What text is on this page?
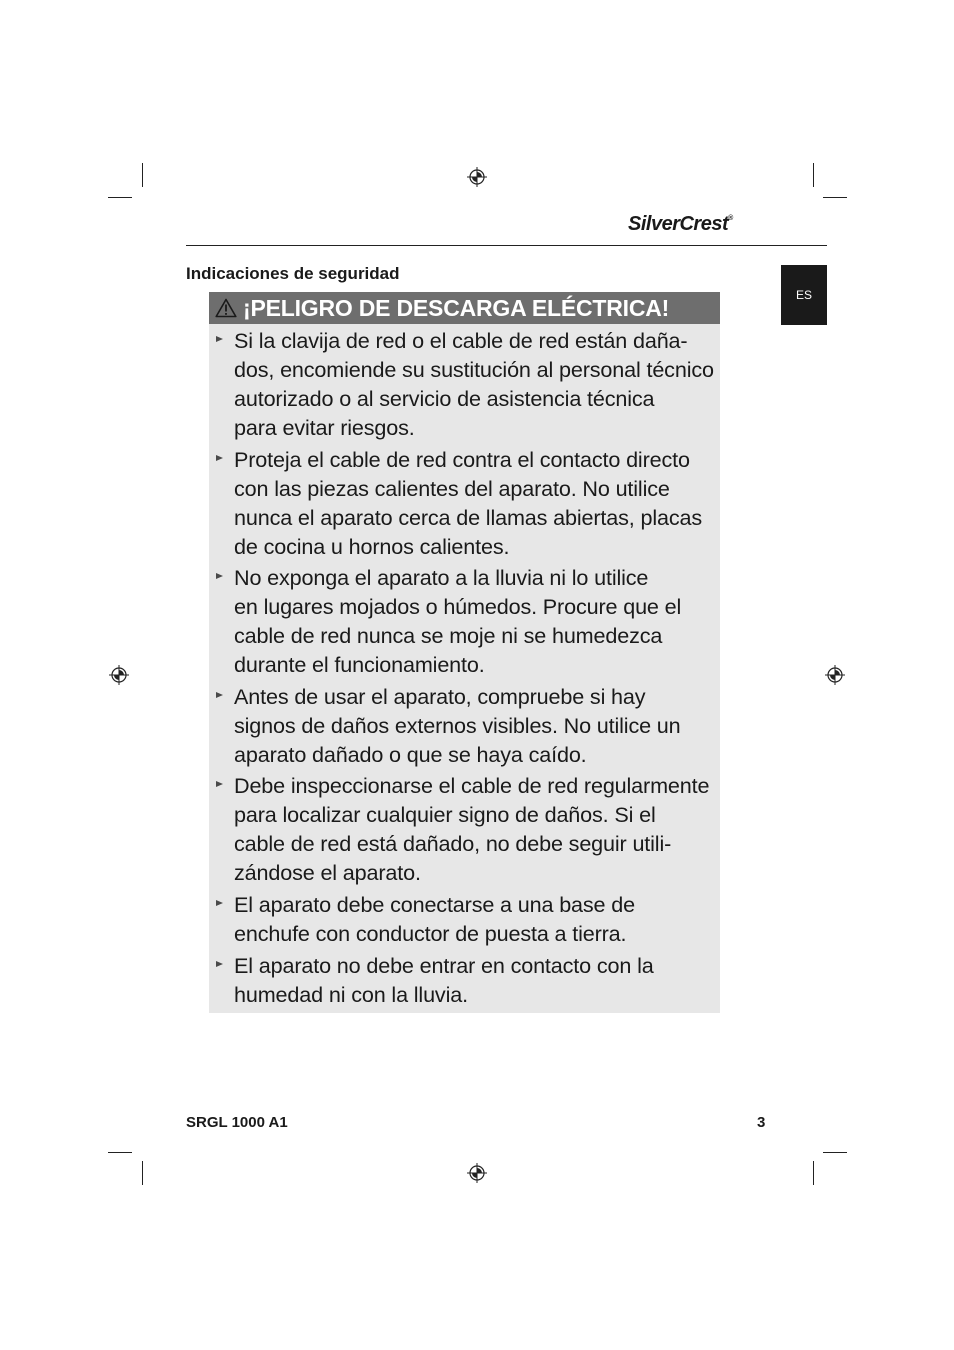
SilverCrest®
ES
Indicaciones de seguridad
¡PELIGRO DE DESCARGA ELÉCTRICA!
Si la clavija de red o el cable de red están daña-
dos, encomiende su sustitución al personal técnico
autorizado o al servicio de asistencia técnica
para evitar riesgos.
Proteja el cable de red contra el contacto directo
con las piezas calientes del aparato. No utilice
nunca el aparato cerca de llamas abiertas, placas
de cocina u hornos calientes.
No exponga el aparato a la lluvia ni lo utilice
en lugares mojados o húmedos. Procure que el
cable de red nunca se moje ni se humedezca
durante el funcionamiento.
Antes de usar el aparato, compruebe si hay
signos de daños externos visibles. No utilice un
aparato dañado o que se haya caído.
Debe inspeccionarse el cable de red regularmente
para localizar cualquier signo de daños. Si el
cable de red está dañado, no debe seguir utili-
zándose el aparato.
El aparato debe conectarse a una base de
enchufe con conductor de puesta a tierra.
El aparato no debe entrar en contacto con la
humedad ni con la lluvia.
SRGL 1000 A1	3
